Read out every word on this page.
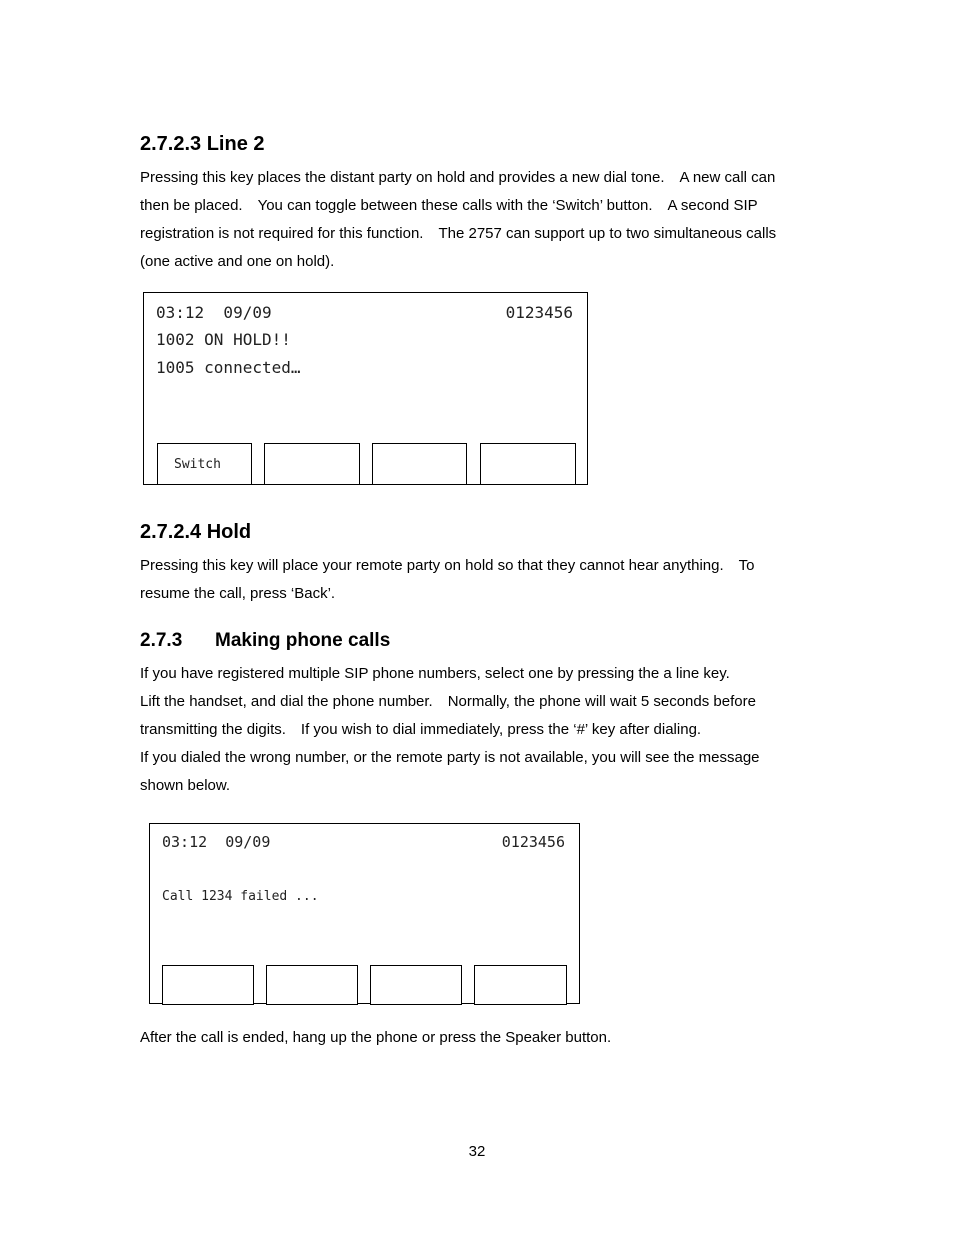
2.7.2.3 Line 2

Pressing this key places the distant party on hold and provides a new dial tone.　A new call can

then be placed.　You can toggle between these calls with the ‘Switch’ button.　A second SIP

registration is not required for this function.　The 2757 can support up to two simultaneous calls

(one active and one on hold).

03:12  09/09	0123456
1002 ON HOLD!!
1005 connected…
Switch
2.7.2.4 Hold

Pressing this key will place your remote party on hold so that they cannot hear anything.　To

resume the call, press ‘Back’.

2.7.3 Making phone calls

If you have registered multiple SIP phone numbers, select one by pressing the a line key.

Lift the handset, and dial the phone number.　Normally, the phone will wait 5 seconds before

transmitting the digits.　If you wish to dial immediately, press the ‘#’ key after dialing.

If you dialed the wrong number, or the remote party is not available, you will see the message

shown below.

03:12  09/09	0123456
Call 1234 failed ...

After the call is ended, hang up the phone or press the Speaker button.

32
